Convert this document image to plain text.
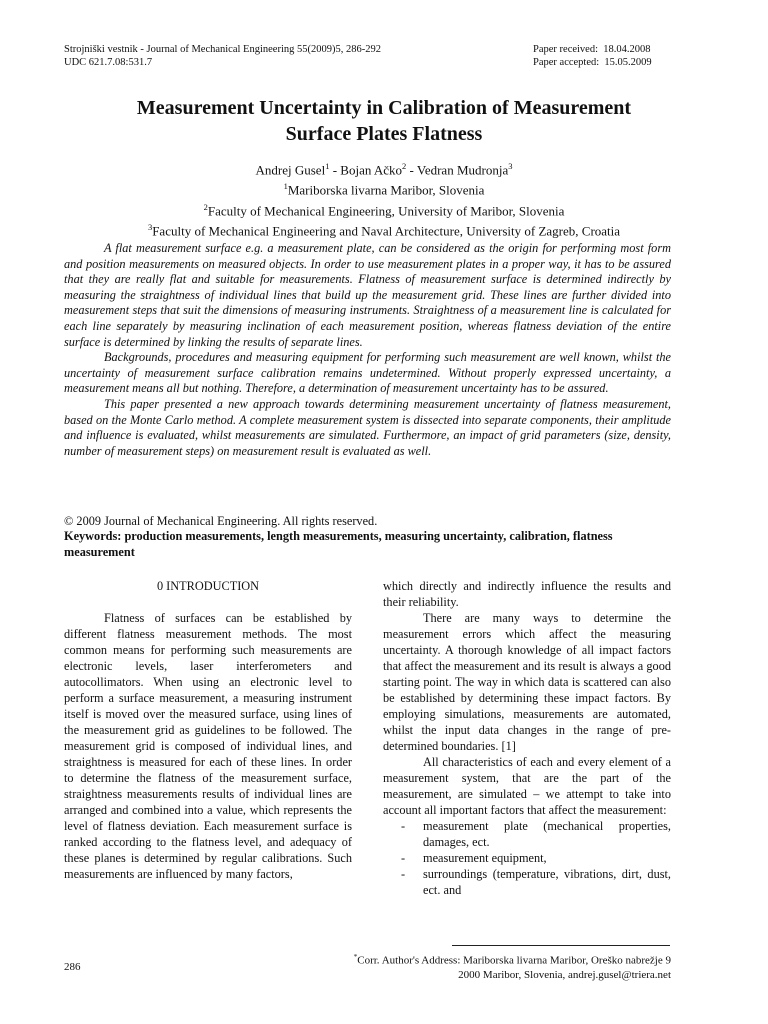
Strojniški vestnik - Journal of Mechanical Engineering 55(2009)5, 286-292
UDC 621.7.08:531.7
Paper received: 18.04.2008
Paper accepted: 15.05.2009
Measurement Uncertainty in Calibration of Measurement
Surface Plates Flatness
Andrej Gusel$^1$ - Bojan Ačko$^2$ - Vedran Mudronja$^3$
$^1$Mariborska livarna Maribor, Slovenia
$^2$Faculty of Mechanical Engineering, University of Maribor, Slovenia
$^3$Faculty of Mechanical Engineering and Naval Architecture, University of Zagreb, Croatia

A flat measurement surface e.g. a measurement plate, can be considered as the origin for performing most form and position measurements on measured objects. In order to use measurement plates in a proper way, it has to be assured that they are really flat and suitable for measurements. Flatness of measurement surface is determined indirectly by measuring the straightness of individual lines that build up the measurement grid. These lines are further divided into measurement steps that suit the dimensions of measuring instruments. Straightness of a measurement line is calculated for each line separately by measuring inclination of each measurement position, whereas flatness deviation of the entire surface is determined by linking the results of separate lines.

Backgrounds, procedures and measuring equipment for performing such measurement are well known, whilst the uncertainty of measurement surface calibration remains undetermined. Without properly expressed uncertainty, a measurement means all but nothing. Therefore, a determination of measurement uncertainty has to be assured.

This paper presented a new approach towards determining measurement uncertainty of flatness measurement, based on the Monte Carlo method. A complete measurement system is dissected into separate components, their amplitude and influence is evaluated, whilst measurements are simulated. Furthermore, an impact of grid parameters (size, density, number of measurement steps) on measurement result is evaluated as well.

© 2009 Journal of Mechanical Engineering. All rights reserved.
Keywords: production measurements, length measurements, measuring uncertainty, calibration, flatness measurement

0 INTRODUCTION

Flatness of surfaces can be established by different flatness measurement methods. The most common means for performing such measurements are electronic levels, laser interferometers and autocollimators. When using an electronic level to perform a surface measurement, a measuring instrument itself is moved over the measured surface, using lines of the measurement grid as guidelines to be followed. The measurement grid is composed of individual lines, and straightness is measured for each of these lines. In order to determine the flatness of the measurement surface, straightness measurements results of individual lines are arranged and combined into a value, which represents the level of flatness deviation. Each measurement surface is ranked according to the flatness level, and adequacy of these planes is determined by regular calibrations. Such measurements are influenced by many factors,

which directly and indirectly influence the results and their reliability.

There are many ways to determine the measurement errors which affect the measuring uncertainty. A thorough knowledge of all impact factors that affect the measurement and its result is always a good starting point. The way in which data is scattered can also be established by determining these impact factors. By employing simulations, measurements are automated, whilst the input data changes in the range of pre-determined boundaries. [1]

All characteristics of each and every element of a measurement system, that are the part of the measurement, are simulated – we attempt to take into account all important factors that affect the measurement:

- measurement plate (mechanical properties, damages, ect.
- measurement equipment,
- surroundings (temperature, vibrations, dirt, dust, ect. and
*Corr. Author's Address: Mariborska livarna Maribor, Oreško nabrežje 9
2000 Maribor, Slovenia, andrej.gusel@triera.net
286
